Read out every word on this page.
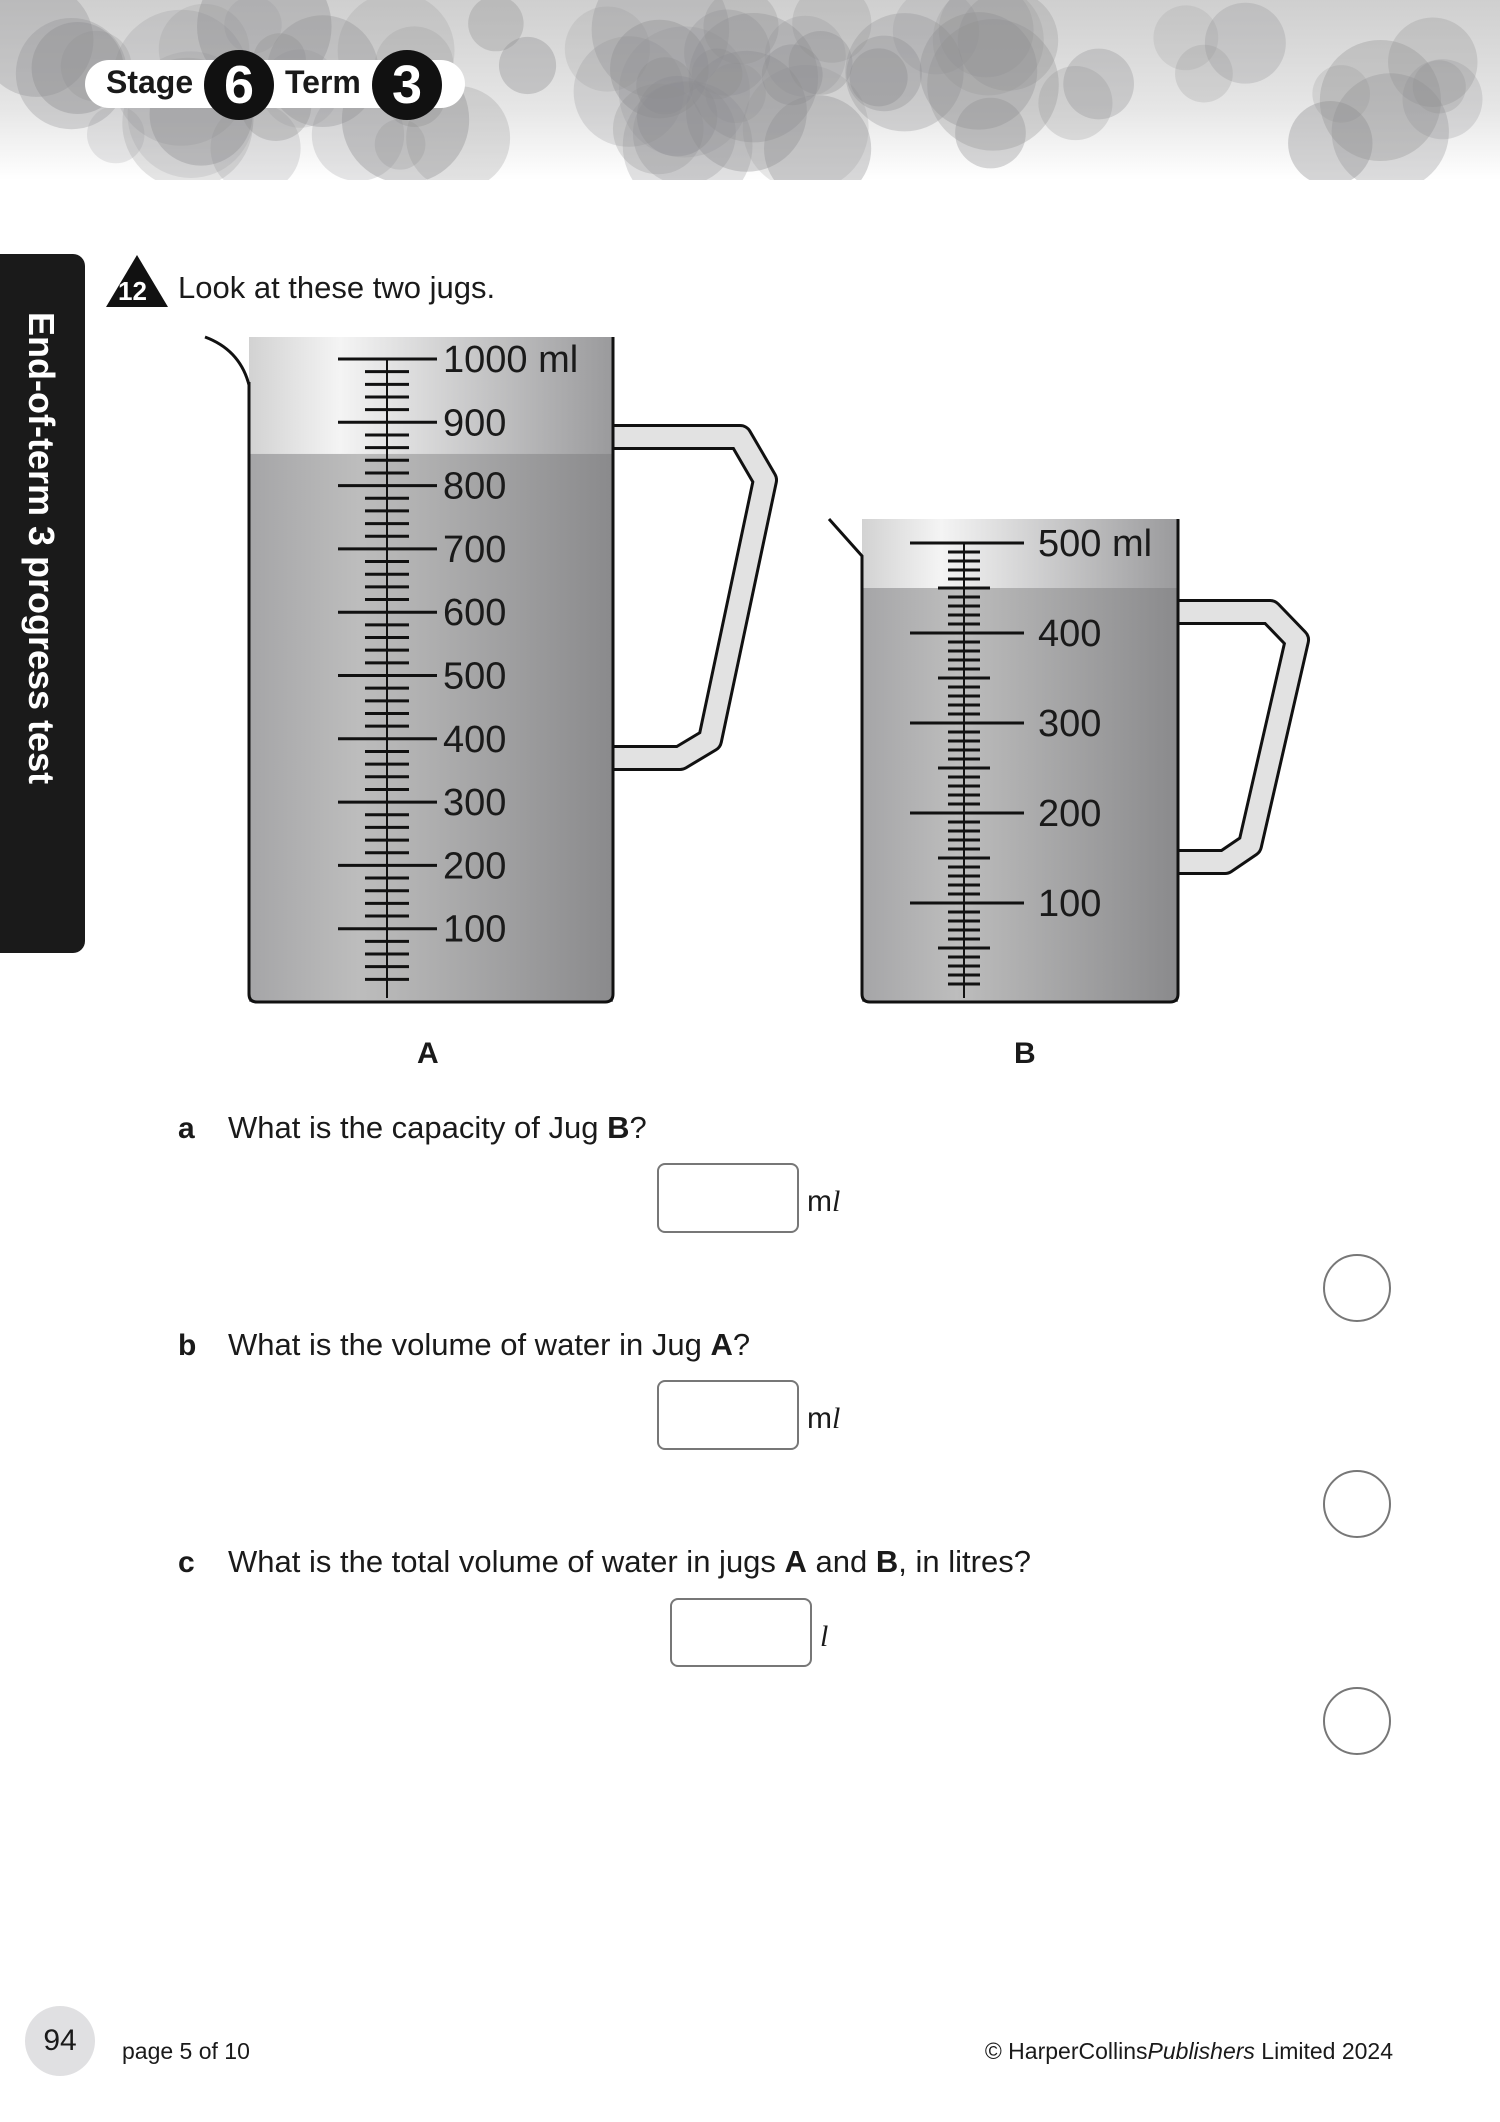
Stage 6 Term 3
End-of-term 3 progress test
12 Look at these two jugs.
1000 ml
900
800
700
600
500
400
300
200
100
500 ml
400
300
200
100
A	B
a What is the capacity of Jug B?
ml
b What is the volume of water in Jug A?
ml
c What is the total volume of water in jugs A and B, in litres?
l
94	page 5 of 10	© HarperCollinsPublishers Limited 2024
